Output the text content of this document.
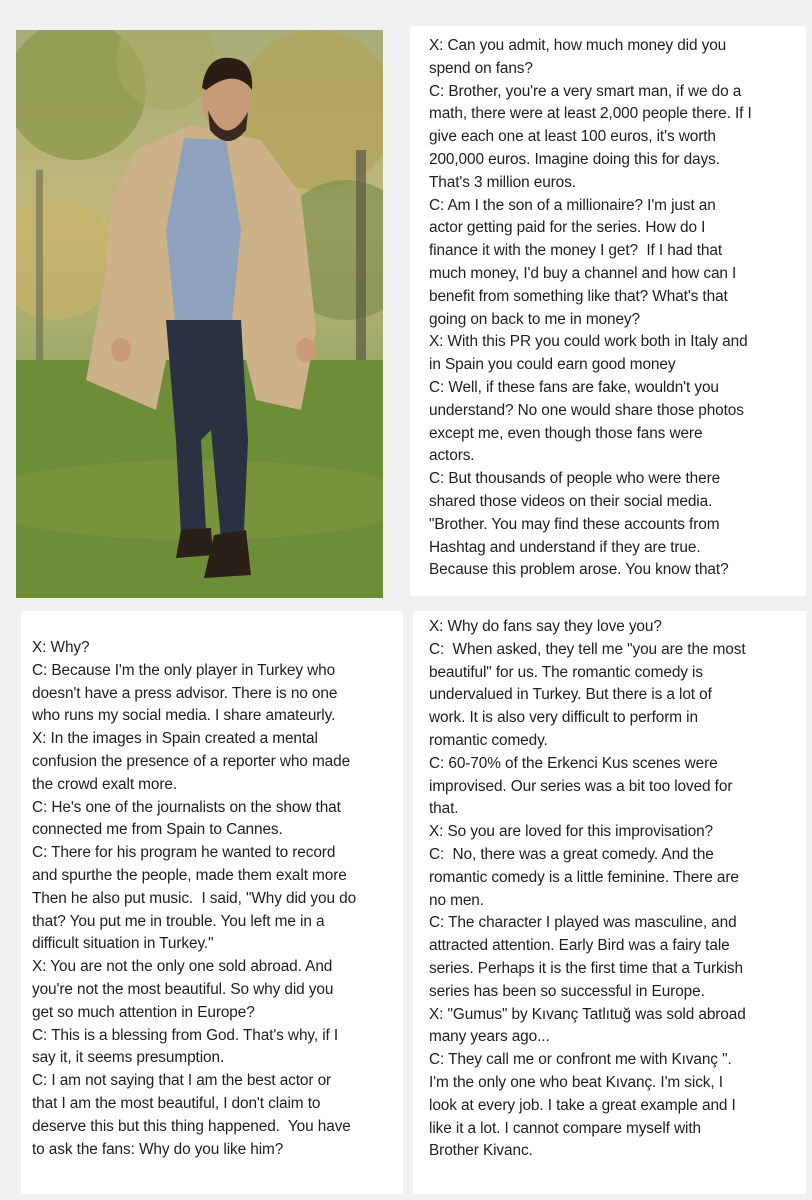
X: Can you admit, how much money did you

spend on fans?

C: Brother, you're a very smart man, if we do a

math, there were at least 2,000 people there. If I

give each one at least 100 euros, it's worth

200,000 euros. Imagine doing this for days.

That's 3 million euros.

C: Am I the son of a millionaire? I'm just an

actor getting paid for the series. How do I

finance it with the money I get?  If I had that

much money, I'd buy a channel and how can I

benefit from something like that? What's that

going on back to me in money?

X: With this PR you could work both in Italy and

in Spain you could earn good money

C: Well, if these fans are fake, wouldn't you

understand? No one would share those photos

except me, even though those fans were

actors.

C: But thousands of people who were there

shared those videos on their social media.

"Brother. You may find these accounts from

Hashtag and understand if they are true.

Because this problem arose. You know that?

X: Why?

C: Because I'm the only player in Turkey who

doesn't have a press advisor. There is no one

who runs my social media. I share amateurly.

X: In the images in Spain created a mental

confusion the presence of a reporter who made

the crowd exalt more.

C: He's one of the journalists on the show that

connected me from Spain to Cannes.

C: There for his program he wanted to record

and spurthe the people, made them exalt more

Then he also put music.  I said, "Why did you do

that? You put me in trouble. You left me in a

difficult situation in Turkey."

X: You are not the only one sold abroad. And

you're not the most beautiful. So why did you

get so much attention in Europe?

C: This is a blessing from God. That's why, if I

say it, it seems presumption.

C: I am not saying that I am the best actor or

that I am the most beautiful, I don't claim to

deserve this but this thing happened.  You have

to ask the fans: Why do you like him?

X: Why do fans say they love you?

C:  When asked, they tell me "you are the most

beautiful" for us. The romantic comedy is

undervalued in Turkey. But there is a lot of

work. It is also very difficult to perform in

romantic comedy.

C: 60-70% of the Erkenci Kus scenes were

improvised. Our series was a bit too loved for

that.

X: So you are loved for this improvisation?

C:  No, there was a great comedy. And the

romantic comedy is a little feminine. There are

no men.

C: The character I played was masculine, and

attracted attention. Early Bird was a fairy tale

series. Perhaps it is the first time that a Turkish

series has been so successful in Europe.

X: "Gumus" by Kıvanç Tatlıtuğ was sold abroad

many years ago...

C: They call me or confront me with Kıvanç ".

I'm the only one who beat Kıvanç. I'm sick, I

look at every job. I take a great example and I

like it a lot. I cannot compare myself with

Brother Kivanc.
